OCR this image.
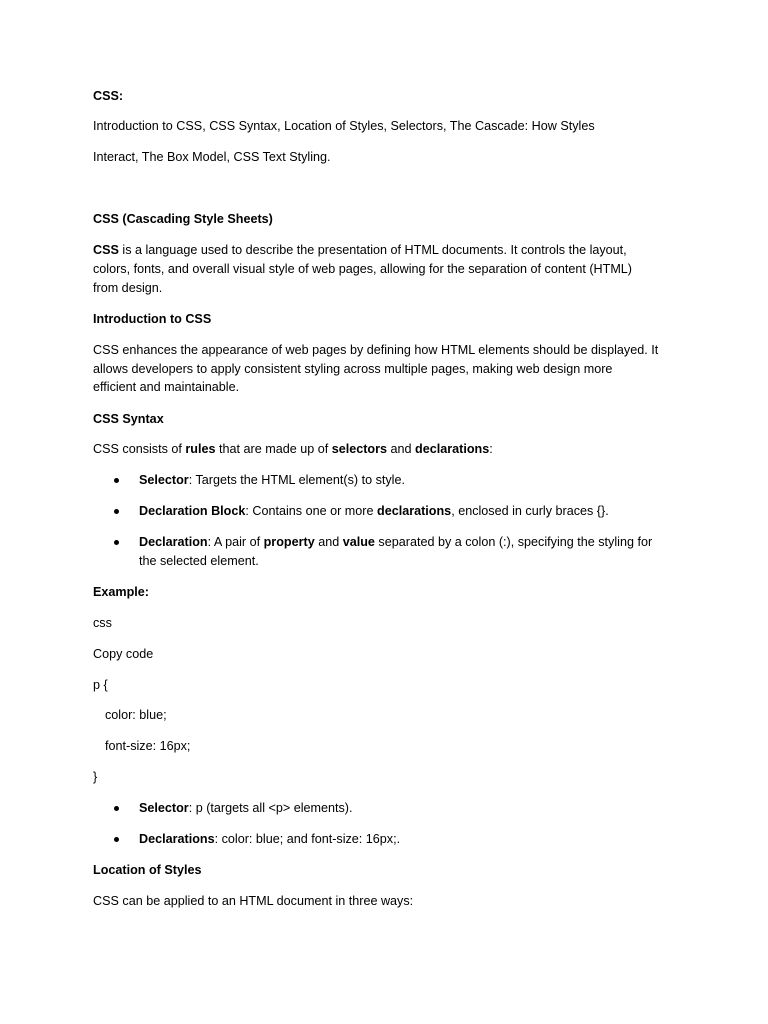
CSS:
Introduction to CSS, CSS Syntax, Location of Styles, Selectors, The Cascade: How Styles
Interact, The Box Model, CSS Text Styling.
CSS (Cascading Style Sheets)
CSS is a language used to describe the presentation of HTML documents. It controls the layout,
colors, fonts, and overall visual style of web pages, allowing for the separation of content (HTML)
from design.
Introduction to CSS
CSS enhances the appearance of web pages by defining how HTML elements should be displayed. It
allows developers to apply consistent styling across multiple pages, making web design more
efficient and maintainable.
CSS Syntax
CSS consists of rules that are made up of selectors and declarations:
Selector: Targets the HTML element(s) to style.
Declaration Block: Contains one or more declarations, enclosed in curly braces {}.
Declaration: A pair of property and value separated by a colon (:), specifying the styling for
the selected element.
Example:
css
Copy code
p {
color: blue;
font-size: 16px;
}
Selector: p (targets all <p> elements).
Declarations: color: blue; and font-size: 16px;.
Location of Styles
CSS can be applied to an HTML document in three ways:
